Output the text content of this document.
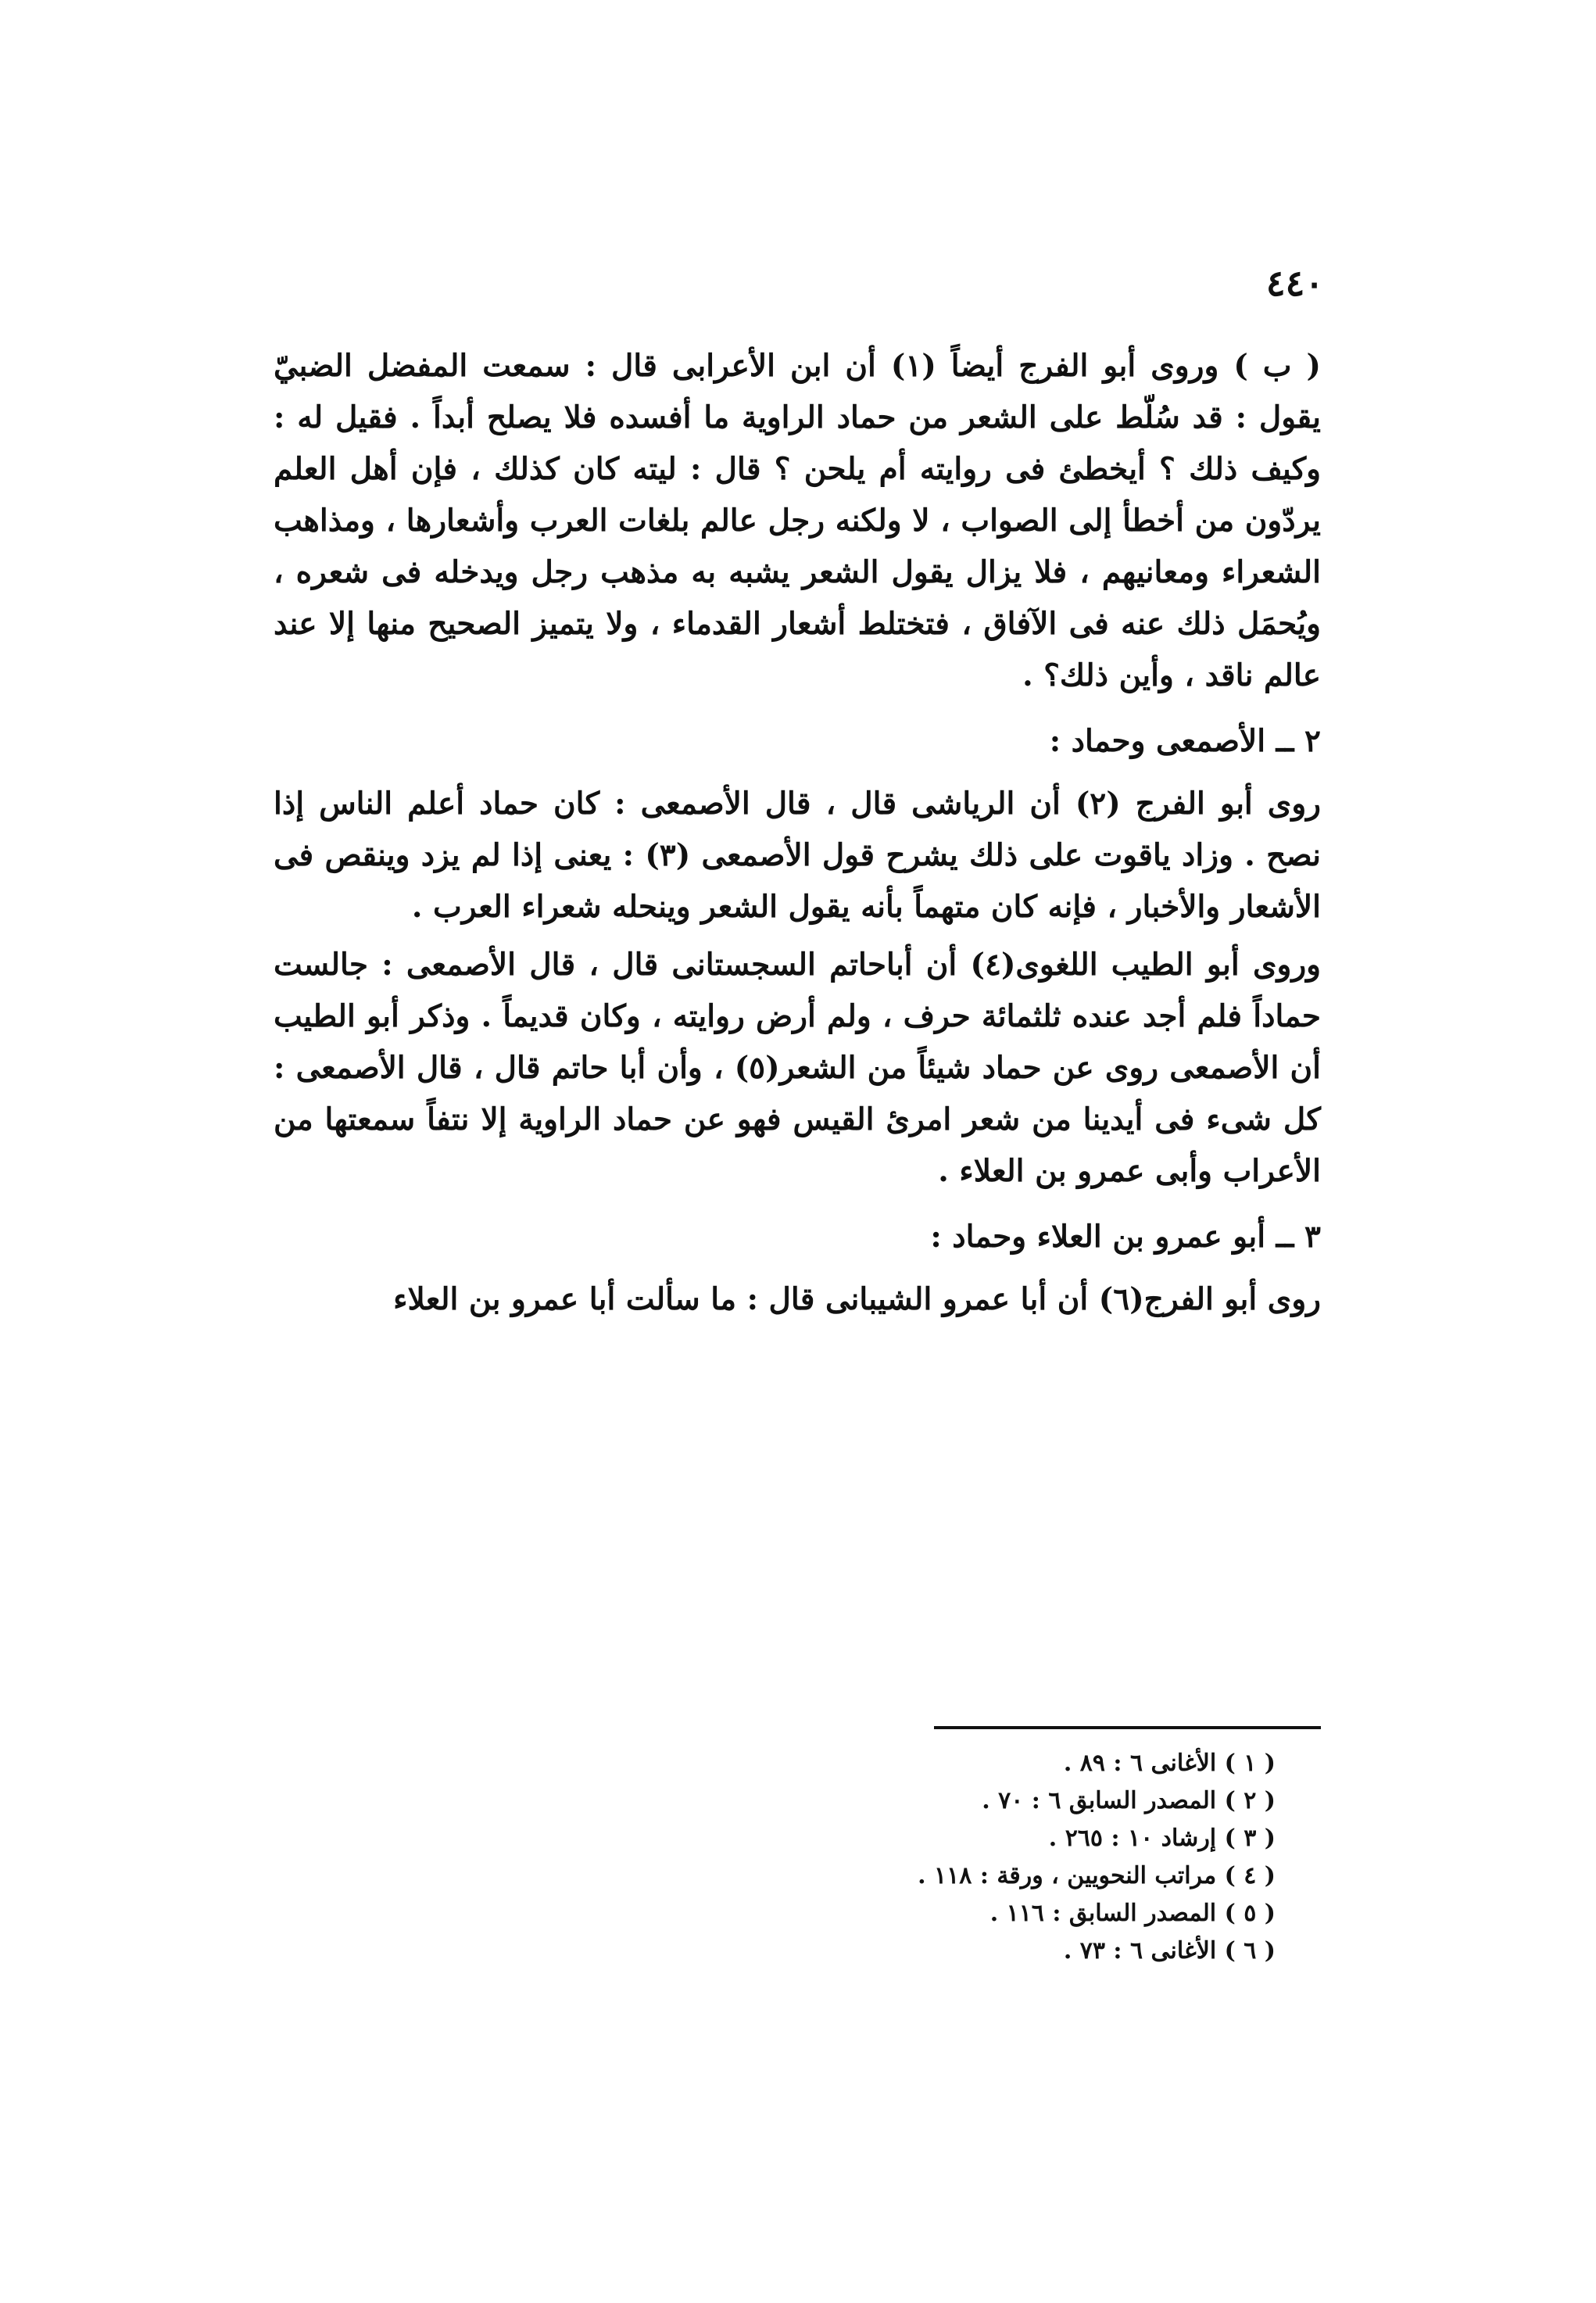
٤٤٠

( ب ) وروى أبو الفرج أيضاً (١) أن ابن الأعرابى قال : سمعت المفضل الضبيّ يقول : قد سُلّط على الشعر من حماد الراوية ما أفسده فلا يصلح أبداً . فقيل له : وكيف ذلك ؟ أيخطئ فى روايته أم يلحن ؟ قال : ليته كان كذلك ، فإن أهل العلم يردّون من أخطأ إلى الصواب ، لا ولكنه رجل عالم بلغات العرب وأشعارها ، ومذاهب الشعراء ومعانيهم ، فلا يزال يقول الشعر يشبه به مذهب رجل ويدخله فى شعره ، ويُحمَل ذلك عنه فى الآفاق ، فتختلط أشعار القدماء ، ولا يتميز الصحيح منها إلا عند عالم ناقد ، وأين ذلك؟ .

٢ ــ الأصمعى وحماد :

روى أبو الفرج (٢) أن الرياشى قال ، قال الأصمعى : كان حماد أعلم الناس إذا نصح . وزاد ياقوت على ذلك يشرح قول الأصمعى (٣) : يعنى إذا لم يزد وينقص فى الأشعار والأخبار ، فإنه كان متهماً بأنه يقول الشعر وينحله شعراء العرب .

وروى أبو الطيب اللغوى(٤) أن أباحاتم السجستانى قال ، قال الأصمعى : جالست حماداً فلم أجد عنده ثلثمائة حرف ، ولم أرض روايته ، وكان قديماً . وذكر أبو الطيب أن الأصمعى روى عن حماد شيئاً من الشعر(٥) ، وأن أبا حاتم قال ، قال الأصمعى : كل شىء فى أيدينا من شعر امرئ القيس فهو عن حماد الراوية إلا نتفاً سمعتها من الأعراب وأبى عمرو بن العلاء .

٣ ــ أبو عمرو بن العلاء وحماد :

روى أبو الفرج(٦) أن أبا عمرو الشيبانى قال : ما سألت أبا عمرو بن العلاء

( ١ ) الأغانى ٦ : ٨٩ .
( ٢ ) المصدر السابق ٦ : ٧٠ .
( ٣ ) إرشاد ١٠ : ٢٦٥ .
( ٤ ) مراتب النحويين ، ورقة : ١١٨ .
( ٥ ) المصدر السابق : ١١٦ .
( ٦ ) الأغانى ٦ : ٧٣ .
